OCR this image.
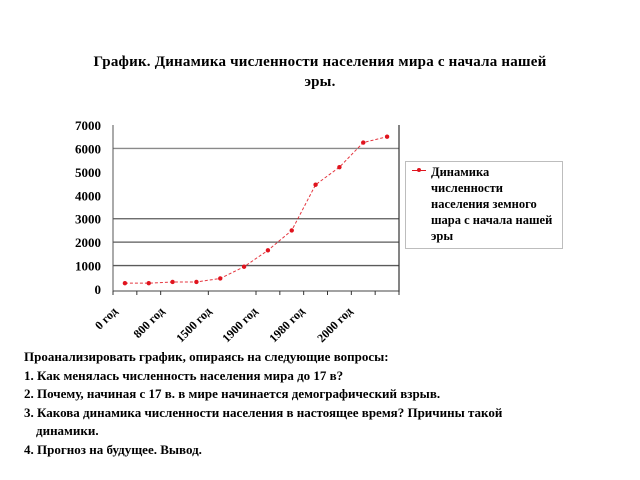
График. Динамика численности населения мира с начала нашей
эры.
0
1000
2000
3000
4000
5000
6000
7000
0 год 800 год 1500 год 1900 год 1980 год 2000 год
Динамика численности населения земного шара с начала нашей эры

Проанализировать график, опираясь на следующие вопросы:

1. Как менялась численность населения мира до 17 в?

2. Почему, начиная с 17 в. в мире начинается демографический взрыв.

3. Какова динамика численности населения в настоящее время? Причины такой

динамики.

4. Прогноз на будущее. Вывод.
